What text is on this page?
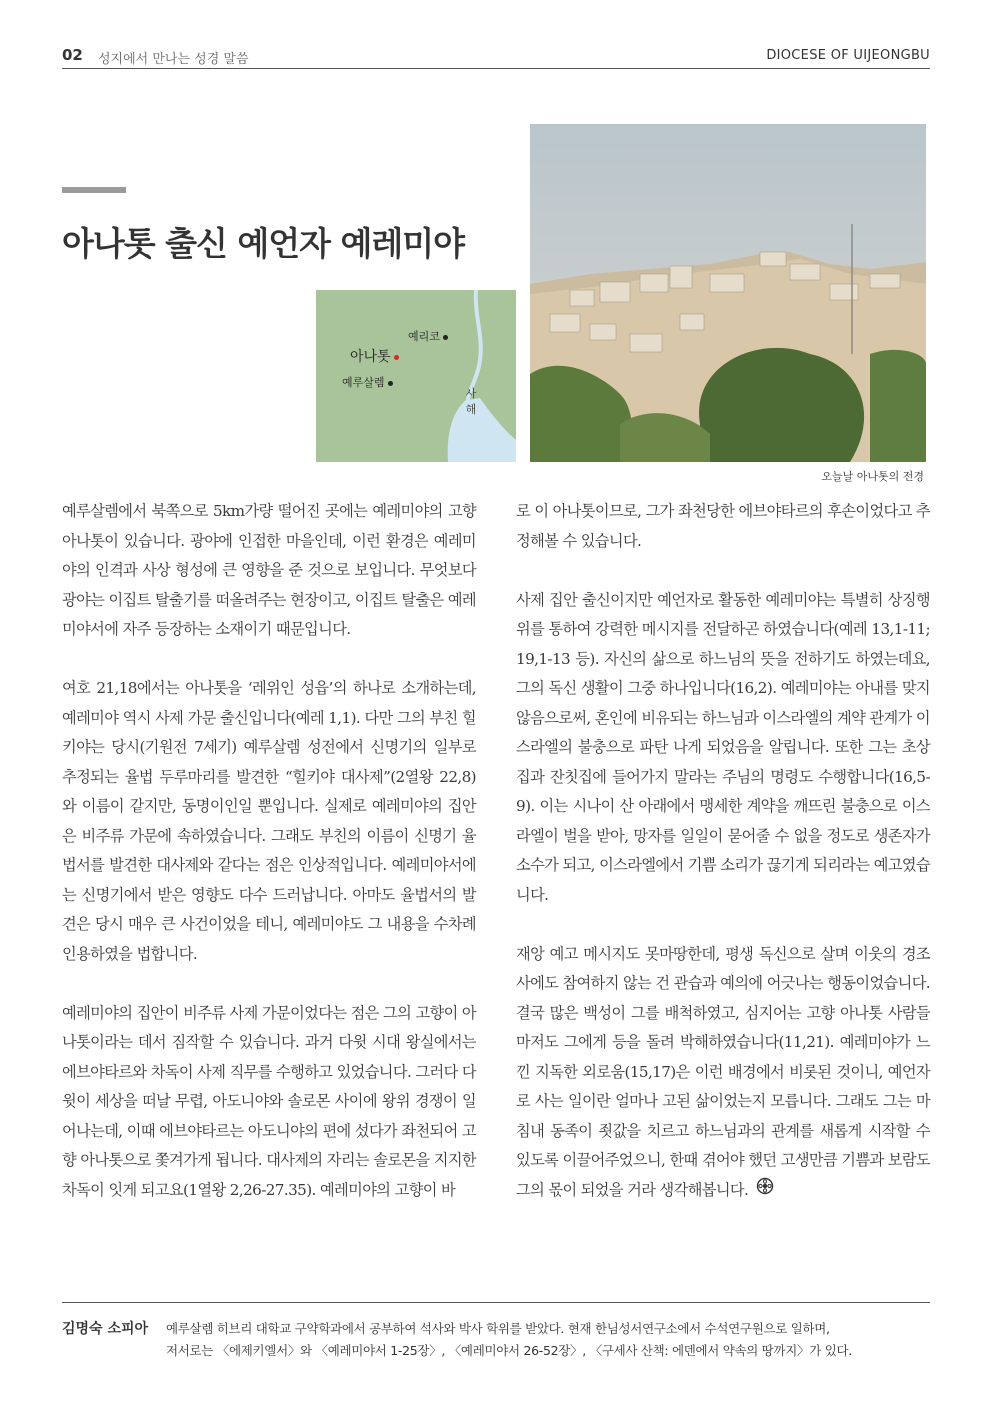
02 성지에서 만나는 성경 말씀	DIOCESE OF UIJEONGBU
아나톳 출신 예언자 예레미야
예리코
아나톳
예루살렘
사
해
오늘날 아나톳의 전경

예루살렘에서 북쪽으로 5km가량 떨어진 곳에는 예레미야의 고향 아나톳이 있습니다. 광야에 인접한 마을인데, 이런 환경은 예레미야의 인격과 사상 형성에 큰 영향을 준 것으로 보입니다. 무엇보다 광야는 이집트 탈출기를 떠올려주는 현장이고, 이집트 탈출은 예레미야서에 자주 등장하는 소재이기 때문입니다.

여호 21,18에서는 아나톳을 ‘레위인 성읍’의 하나로 소개하는데, 예레미야 역시 사제 가문 출신입니다(예레 1,1). 다만 그의 부친 힐키야는 당시(기원전 7세기) 예루살렘 성전에서 신명기의 일부로 추정되는 율법 두루마리를 발견한 “힐키야 대사제”(2열왕 22,8)와 이름이 같지만, 동명이인일 뿐입니다. 실제로 예레미야의 집안은 비주류 가문에 속하였습니다. 그래도 부친의 이름이 신명기 율법서를 발견한 대사제와 같다는 점은 인상적입니다. 예레미야서에는 신명기에서 받은 영향도 다수 드러납니다. 아마도 율법서의 발견은 당시 매우 큰 사건이었을 테니, 예레미야도 그 내용을 수차례 인용하였을 법합니다.

예레미야의 집안이 비주류 사제 가문이었다는 점은 그의 고향이 아나톳이라는 데서 짐작할 수 있습니다. 과거 다윗 시대 왕실에서는 에브야타르와 차독이 사제 직무를 수행하고 있었습니다. 그러다 다윗이 세상을 떠날 무렵, 아도니야와 솔로몬 사이에 왕위 경쟁이 일어나는데, 이때 에브야타르는 아도니야의 편에 섰다가 좌천되어 고향 아나톳으로 쫓겨가게 됩니다. 대사제의 자리는 솔로몬을 지지한 차독이 잇게 되고요(1열왕 2,26-27.35). 예레미야의 고향이 바

로 이 아나톳이므로, 그가 좌천당한 에브야타르의 후손이었다고 추정해볼 수 있습니다.

사제 집안 출신이지만 예언자로 활동한 예레미야는 특별히 상징행위를 통하여 강력한 메시지를 전달하곤 하였습니다(예레 13,1-11; 19,1-13 등). 자신의 삶으로 하느님의 뜻을 전하기도 하였는데요, 그의 독신 생활이 그중 하나입니다(16,2). 예레미야는 아내를 맞지 않음으로써, 혼인에 비유되는 하느님과 이스라엘의 계약 관계가 이스라엘의 불충으로 파탄 나게 되었음을 알립니다. 또한 그는 초상집과 잔칫집에 들어가지 말라는 주님의 명령도 수행합니다(16,5-9). 이는 시나이 산 아래에서 맹세한 계약을 깨뜨린 불충으로 이스라엘이 벌을 받아, 망자를 일일이 묻어줄 수 없을 정도로 생존자가 소수가 되고, 이스라엘에서 기쁨 소리가 끊기게 되리라는 예고였습니다.

재앙 예고 메시지도 못마땅한데, 평생 독신으로 살며 이웃의 경조사에도 참여하지 않는 건 관습과 예의에 어긋나는 행동이었습니다. 결국 많은 백성이 그를 배척하였고, 심지어는 고향 아나톳 사람들마저도 그에게 등을 돌려 박해하였습니다(11,21). 예레미야가 느낀 지독한 외로움(15,17)은 이런 배경에서 비롯된 것이니, 예언자로 사는 일이란 얼마나 고된 삶이었는지 모릅니다. 그래도 그는 마침내 동족이 죗값을 치르고 하느님과의 관계를 새롭게 시작할 수 있도록 이끌어주었으니, 한때 겪어야 했던 고생만큼 기쁨과 보람도 그의 몫이 되었을 거라 생각해봅니다.

김명숙 소피아 예루살렘 히브리 대학교 구약학과에서 공부하여 석사와 박사 학위를 받았다. 현재 한님성서연구소에서 수석연구원으로 일하며,
저서로는 〈에제키엘서〉와 〈예레미야서 1-25장〉, 〈예레미야서 26-52장〉, 〈구세사 산책: 에덴에서 약속의 땅까지〉가 있다.
